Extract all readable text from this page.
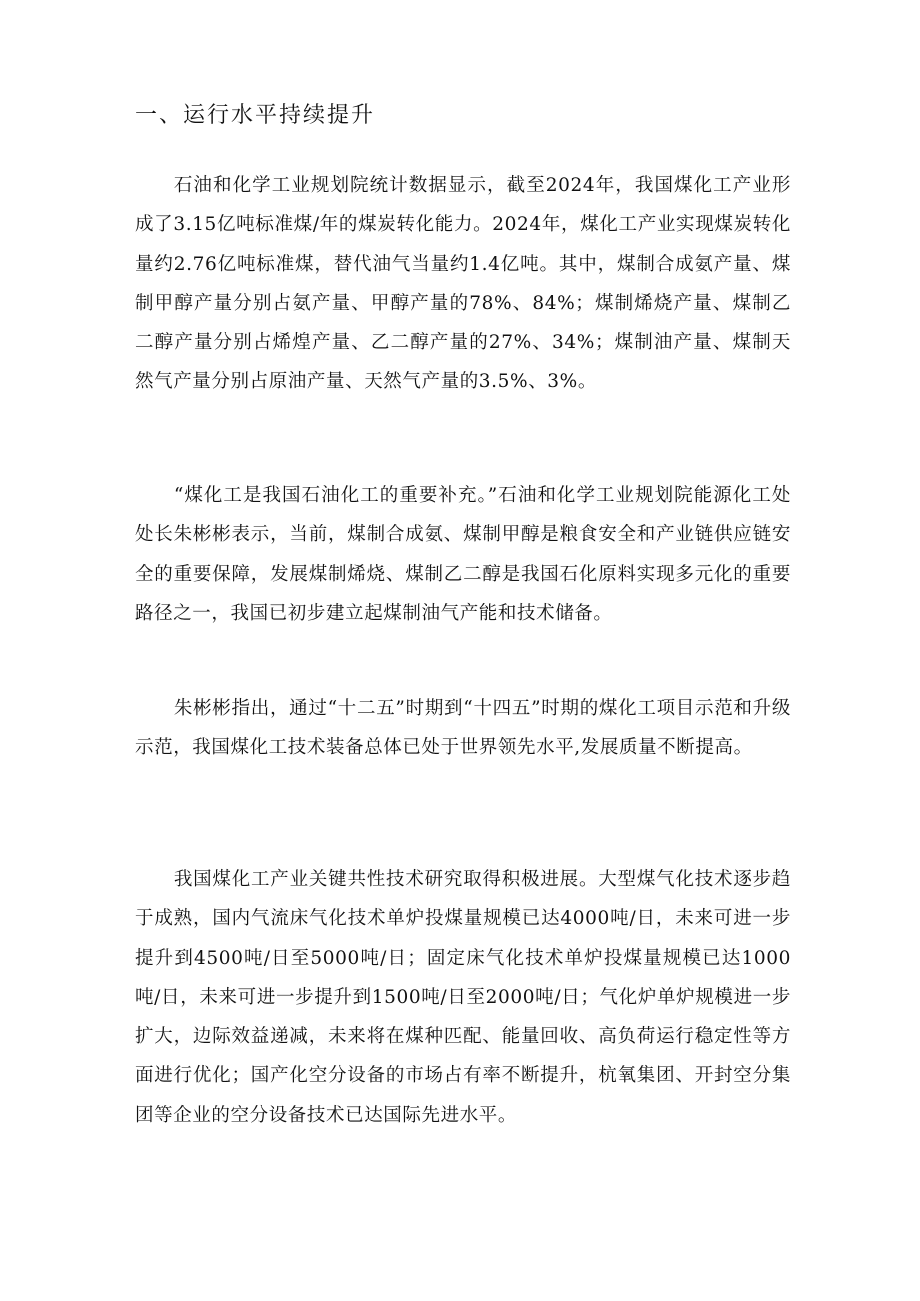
一、运行水平持续提升

石油和化学工业规划院统计数据显示，截至2024年，我国煤化工产业形成了3.15亿吨标准煤/年的煤炭转化能力。2024年，煤化工产业实现煤炭转化量约2.76亿吨标准煤，替代油气当量约1.4亿吨。其中，煤制合成氨产量、煤制甲醇产量分别占氨产量、甲醇产量的78%、84%；煤制烯烧产量、煤制乙二醇产量分别占烯煌产量、乙二醇产量的27%、34%；煤制油产量、煤制天然气产量分别占原油产量、天然气产量的3.5%、3%。

“煤化工是我国石油化工的重要补充。”石油和化学工业规划院能源化工处处长朱彬彬表示，当前，煤制合成氨、煤制甲醇是粮食安全和产业链供应链安全的重要保障，发展煤制烯烧、煤制乙二醇是我国石化原料实现多元化的重要路径之一，我国已初步建立起煤制油气产能和技术储备。

朱彬彬指出，通过“十二五”时期到“十四五”时期的煤化工项目示范和升级示范，我国煤化工技术装备总体已处于世界领先水平,发展质量不断提高。

我国煤化工产业关键共性技术研究取得积极进展。大型煤气化技术逐步趋于成熟，国内气流床气化技术单炉投煤量规模已达4000吨/日，未来可进一步提升到4500吨/日至5000吨/日；固定床气化技术单炉投煤量规模已达1000吨/日，未来可进一步提升到1500吨/日至2000吨/日；气化炉单炉规模进一步扩大，边际效益递减，未来将在煤种匹配、能量回收、高负荷运行稳定性等方面进行优化；国产化空分设备的市场占有率不断提升，杭氧集团、开封空分集团等企业的空分设备技术已达国际先进水平。
